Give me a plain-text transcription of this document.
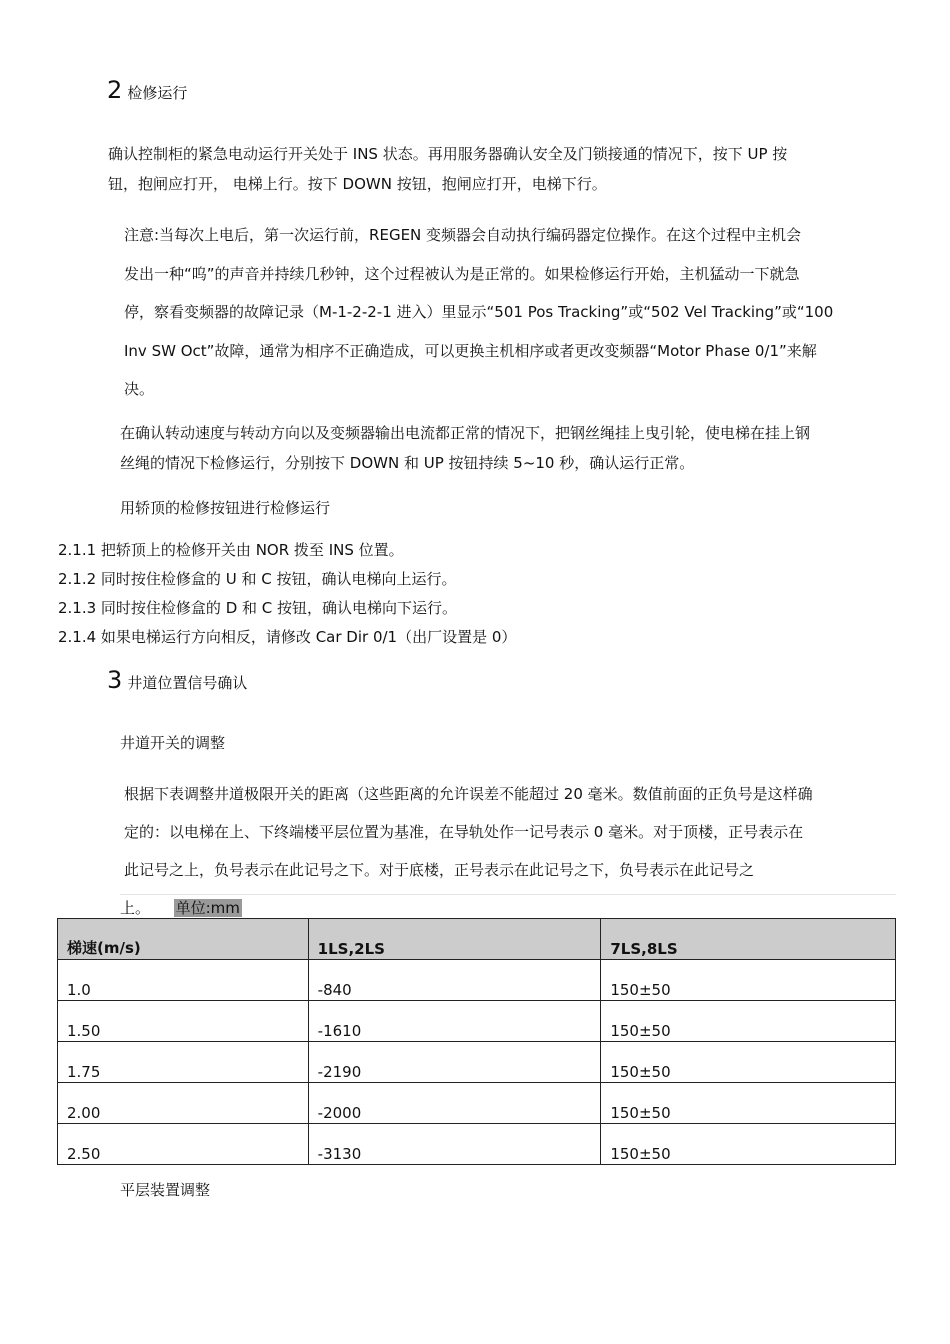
2 检修运行
确认控制柜的紧急电动运行开关处于 INS 状态。再用服务器确认安全及门锁接通的情况下，按下 UP 按
钮，抱闸应打开， 电梯上行。按下 DOWN 按钮，抱闸应打开，电梯下行。
注意:当每次上电后，第一次运行前，REGEN 变频器会自动执行编码器定位操作。在这个过程中主机会
发出一种“呜”的声音并持续几秒钟，这个过程被认为是正常的。如果检修运行开始，主机猛动一下就急
停，察看变频器的故障记录（M-1-2-2-1 进入）里显示“501 Pos Tracking”或“502 Vel Tracking”或“100
Inv SW Oct”故障，通常为相序不正确造成，可以更换主机相序或者更改变频器“Motor Phase 0/1”来解
决。
在确认转动速度与转动方向以及变频器输出电流都正常的情况下，把钢丝绳挂上曳引轮，使电梯在挂上钢
丝绳的情况下检修运行，分别按下 DOWN 和 UP 按钮持续 5~10 秒，确认运行正常。
用轿顶的检修按钮进行检修运行
2.1.1 把轿顶上的检修开关由 NOR 拨至 INS 位置。
2.1.2 同时按住检修盒的 U 和 C 按钮，确认电梯向上运行。
2.1.3 同时按住检修盒的 D 和 C 按钮，确认电梯向下运行。
2.1.4 如果电梯运行方向相反，请修改 Car Dir 0/1（出厂设置是 0）
3 井道位置信号确认
井道开关的调整
根据下表调整井道极限开关的距离（这些距离的允许误差不能超过 20 毫米。数值前面的正负号是这样确
定的：以电梯在上、下终端楼平层位置为基准，在导轨处作一记号表示 0 毫米。对于顶楼，正号表示在
此记号之上，负号表示在此记号之下。对于底楼，正号表示在此记号之下，负号表示在此记号之
上。 单位:mm
梯速(m/s)	1LS,2LS	7LS,8LS
1.0	-840	150±50
1.50	-1610	150±50
1.75	-2190	150±50
2.00	-2000	150±50
2.50	-3130	150±50
平层装置调整
